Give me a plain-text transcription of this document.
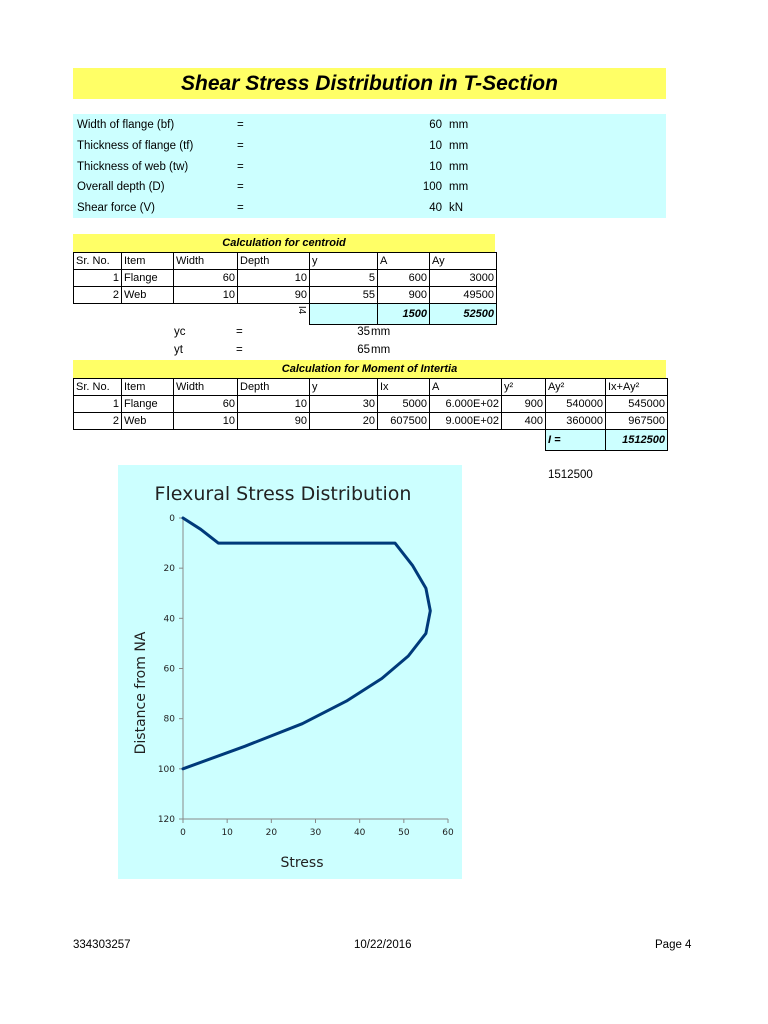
Shear Stress Distribution in T-Section
Width of flange (bf)	=	60 mm
Thickness of flange (tf)	=	10 mm
Thickness of web (tw)	=	10 mm
Overall depth (D)	=	100 mm
Shear force (V)	=	40 kN
Calculation for centroid
Sr. No.	Item	Width	Depth	y	A	Ay
1	Flange	60	10	5	600	3000
2	Web	10	90	55	900	49500

			I4		1500	52500
yc	=	35 mm
yt	=	65 mm
Calculation for Moment of Intertia
Sr. No.	Item	Width	Depth	y	Ix	A	y²	Ay²	Ix+Ay²
1	Flange	60	10	30	5000	6.000E+02	900	540000	545000
2	Web	10	90	20	607500	9.000E+02	400	360000	967500
								I =	1512500
1512500
Flexural Stress Distribution
Stress
Distance from NA
0	10	20	30	40	50	60
0
20
40
60
80
100
120
334303257	10/22/2016	Page 4
